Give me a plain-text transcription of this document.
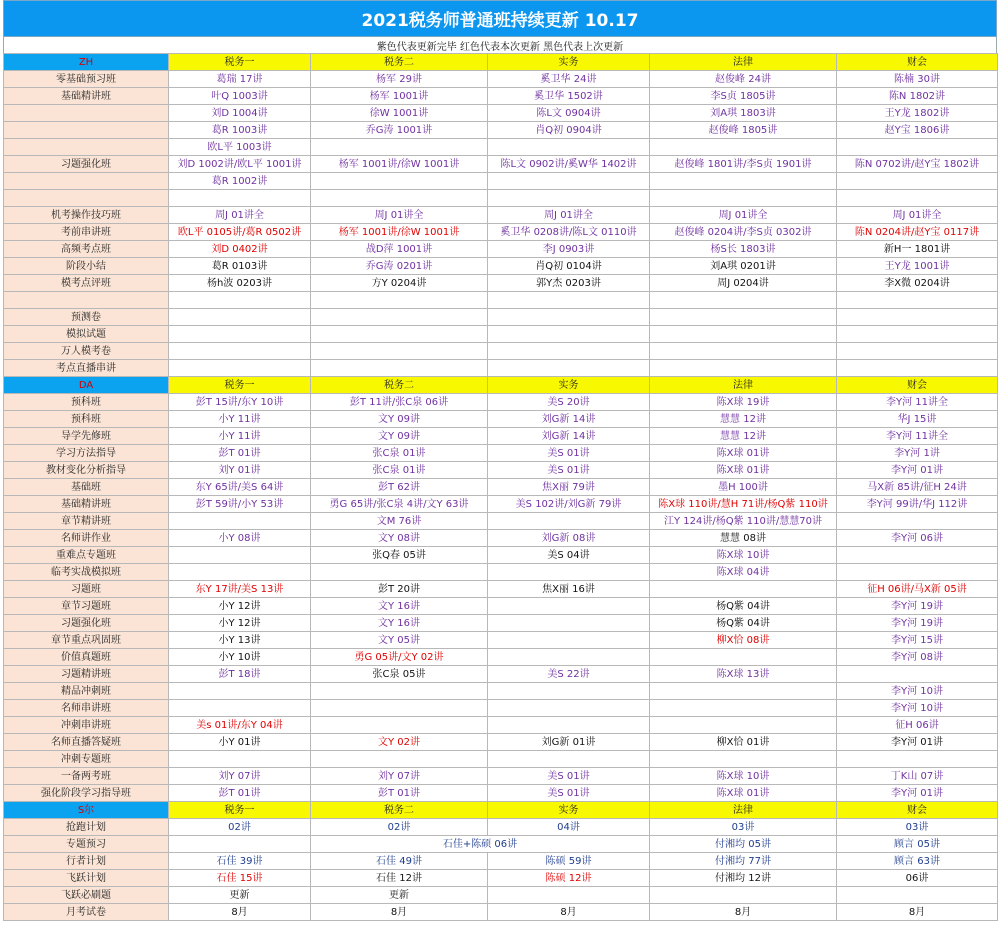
2021税务师普通班持续更新 10.17
紫色代表更新完毕 红色代表本次更新 黑色代表上次更新
ZH	税务一	税务二	实务	法律	财会
零基础预习班	葛瑞 17讲	杨军 29讲	奚卫华 24讲	赵俊峰 24讲	陈楠 30讲
基础精讲班	叶Q 1003讲	杨军 1001讲	奚卫华 1502讲	李S贞 1805讲	陈N 1802讲
	刘D 1004讲	徐W 1001讲	陈L文 0904讲	刘A琪 1803讲	王Y龙 1802讲
	葛R 1003讲	乔G涛 1001讲	肖Q初 0904讲	赵俊峰 1805讲	赵Y宝 1806讲
	欧L平 1003讲				
习题强化班	刘D 1002讲/欧L平 1001讲	杨军 1001讲/徐W 1001讲	陈L文 0902讲/奚W华 1402讲	赵俊峰 1801讲/李S贞 1901讲	陈N 0702讲/赵Y宝 1802讲
	葛R 1002讲				

机考操作技巧班	周J 01讲全	周J 01讲全	周J 01讲全	周J 01讲全	周J 01讲全
考前串讲班	欧L平 0105讲/葛R 0502讲	杨军 1001讲/徐W 1001讲	奚卫华 0208讲/陈L文 0110讲	赵俊峰 0204讲/李S贞 0302讲	陈N 0204讲/赵Y宝 0117讲
高频考点班	刘D 0402讲	战D萍 1001讲	李J 0903讲	杨S长 1803讲	新H一 1801讲
阶段小结	葛R 0103讲	乔G涛 0201讲	肖Q初 0104讲	刘A琪 0201讲	王Y龙 1001讲
模考点评班	杨h波 0203讲	方Y 0204讲	郭Y杰 0203讲	周J 0204讲	李X微 0204讲

预测卷					
模拟试题					
万人模考卷					
考点直播串讲					
DA	税务一	税务二	实务	法律	财会
预科班	彭T 15讲/东Y 10讲	彭T 11讲/张C泉 06讲	美S 20讲	陈X球 19讲	李Y河 11讲全
预科班	小Y 11讲	文Y 09讲	刘G新 14讲	慧慧 12讲	华J 15讲
导学先修班	小Y 11讲	文Y 09讲	刘G新 14讲	慧慧 12讲	李Y河 11讲全
学习方法指导	彭T 01讲	张C泉 01讲	美S 01讲	陈X球 01讲	李Y河 1讲
教材变化分析指导	刘Y 01讲	张C泉 01讲	美S 01讲	陈X球 01讲	李Y河 01讲
基础班	东Y 65讲/美S 64讲	彭T 62讲	焦X丽 79讲	墨H 100讲	马X新 85讲/征H 24讲
基础精讲班	彭T 59讲/小Y 53讲	勇G 65讲/张C泉 4讲/文Y 63讲	美S 102讲/刘G新 79讲	陈X球 110讲/慧H 71讲/杨Q紫 110讲	李Y河 99讲/华J 112讲
章节精讲班		文M 76讲		江Y 124讲/杨Q紫 110讲/慧慧70讲	
名师讲作业	小Y 08讲	文Y 08讲	刘G新 08讲	慧慧 08讲	李Y河 06讲
重难点专题班		张Q春 05讲	美S 04讲	陈X球 10讲	
临考实战模拟班				陈X球 04讲	
习题班	东Y 17讲/美S 13讲	彭T 20讲	焦X丽 16讲		征H 06讲/马X新 05讲
章节习题班	小Y 12讲	文Y 16讲		杨Q紫 04讲	李Y河 19讲
习题强化班	小Y 12讲	文Y 16讲		杨Q紫 04讲	李Y河 19讲
章节重点巩固班	小Y 13讲	文Y 05讲		柳X恰 08讲	李Y河 15讲
价值真题班	小Y 10讲	勇G 05讲/文Y 02讲			李Y河 08讲
习题精讲班	彭T 18讲	张C泉 05讲	美S 22讲	陈X球 13讲	
精品冲刺班					李Y河 10讲
名师串讲班					李Y河 10讲
冲刺串讲班	美s 01讲/东Y 04讲				征H 06讲
名师直播答疑班	小Y 01讲	文Y 02讲	刘G新 01讲	柳X恰 01讲	李Y河 01讲
冲刺专题班					
一备两考班	刘Y 07讲	刘Y 07讲	美S 01讲	陈X球 10讲	丁K山 07讲
强化阶段学习指导班	彭T 01讲	彭T 01讲	美S 01讲	陈X球 01讲	李Y河 01讲
S尔	税务一	税务二	实务	法律	财会
抢跑计划	02讲	02讲	04讲	03讲	03讲
专题预习		石佳+陈硕 06讲		付湘均 05讲	顾言 05讲
行者计划	石佳 39讲	石佳 49讲	陈硕 59讲	付湘均 77讲	顾言 63讲
飞跃计划	石佳 15讲	石佳 12讲	陈硕 12讲	付湘均 12讲	06讲
飞跃必刷题	更新	更新			
月考试卷	8月	8月	8月	8月	8月
